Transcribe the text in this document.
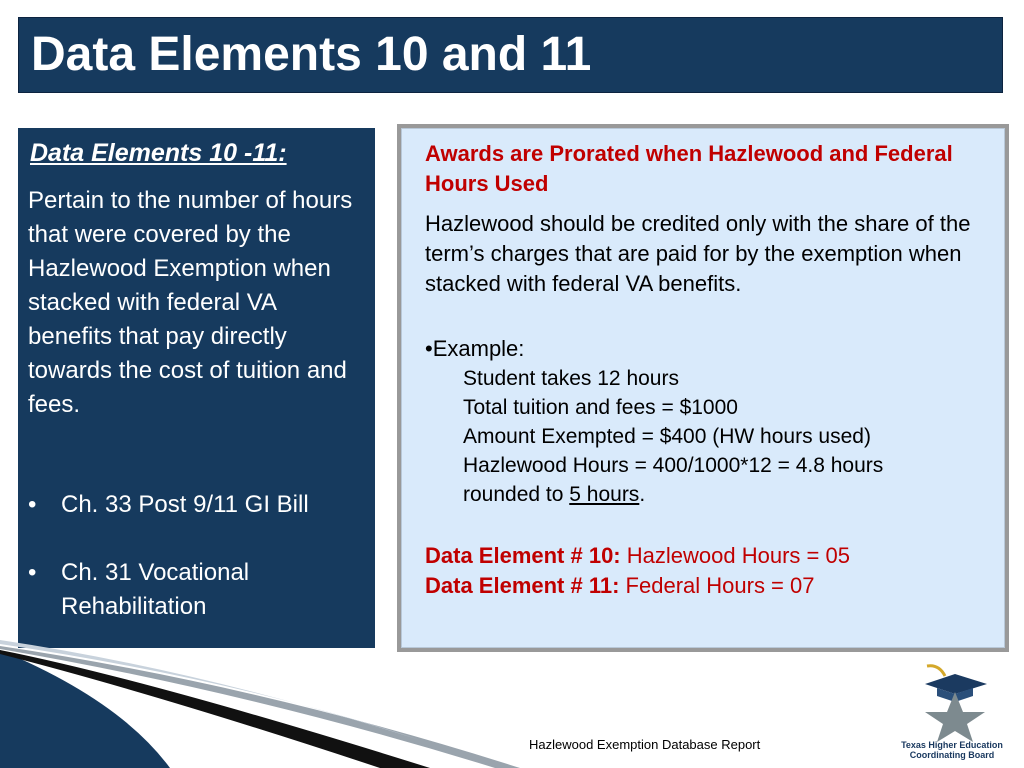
Data Elements 10 and 11
Data Elements 10 -11:
Pertain to the number of hours that were covered by the Hazlewood Exemption when stacked with federal VA benefits that pay directly towards the cost of tuition and fees.
• Ch. 33 Post 9/11 GI Bill
• Ch. 31 Vocational Rehabilitation
Awards are Prorated when Hazlewood and Federal Hours Used
Hazlewood should be credited only with the share of the term’s charges that are paid for by the exemption when stacked with federal VA benefits.
•Example:
Student takes 12 hours
Total tuition and fees = $1000
Amount Exempted = $400 (HW hours used)
Hazlewood Hours = 400/1000*12 = 4.8 hours
rounded to 5 hours.
Data Element # 10: Hazlewood Hours = 05
Data Element # 11: Federal Hours = 07
Hazlewood Exemption Database Report	Texas Higher Education
Coordinating Board
